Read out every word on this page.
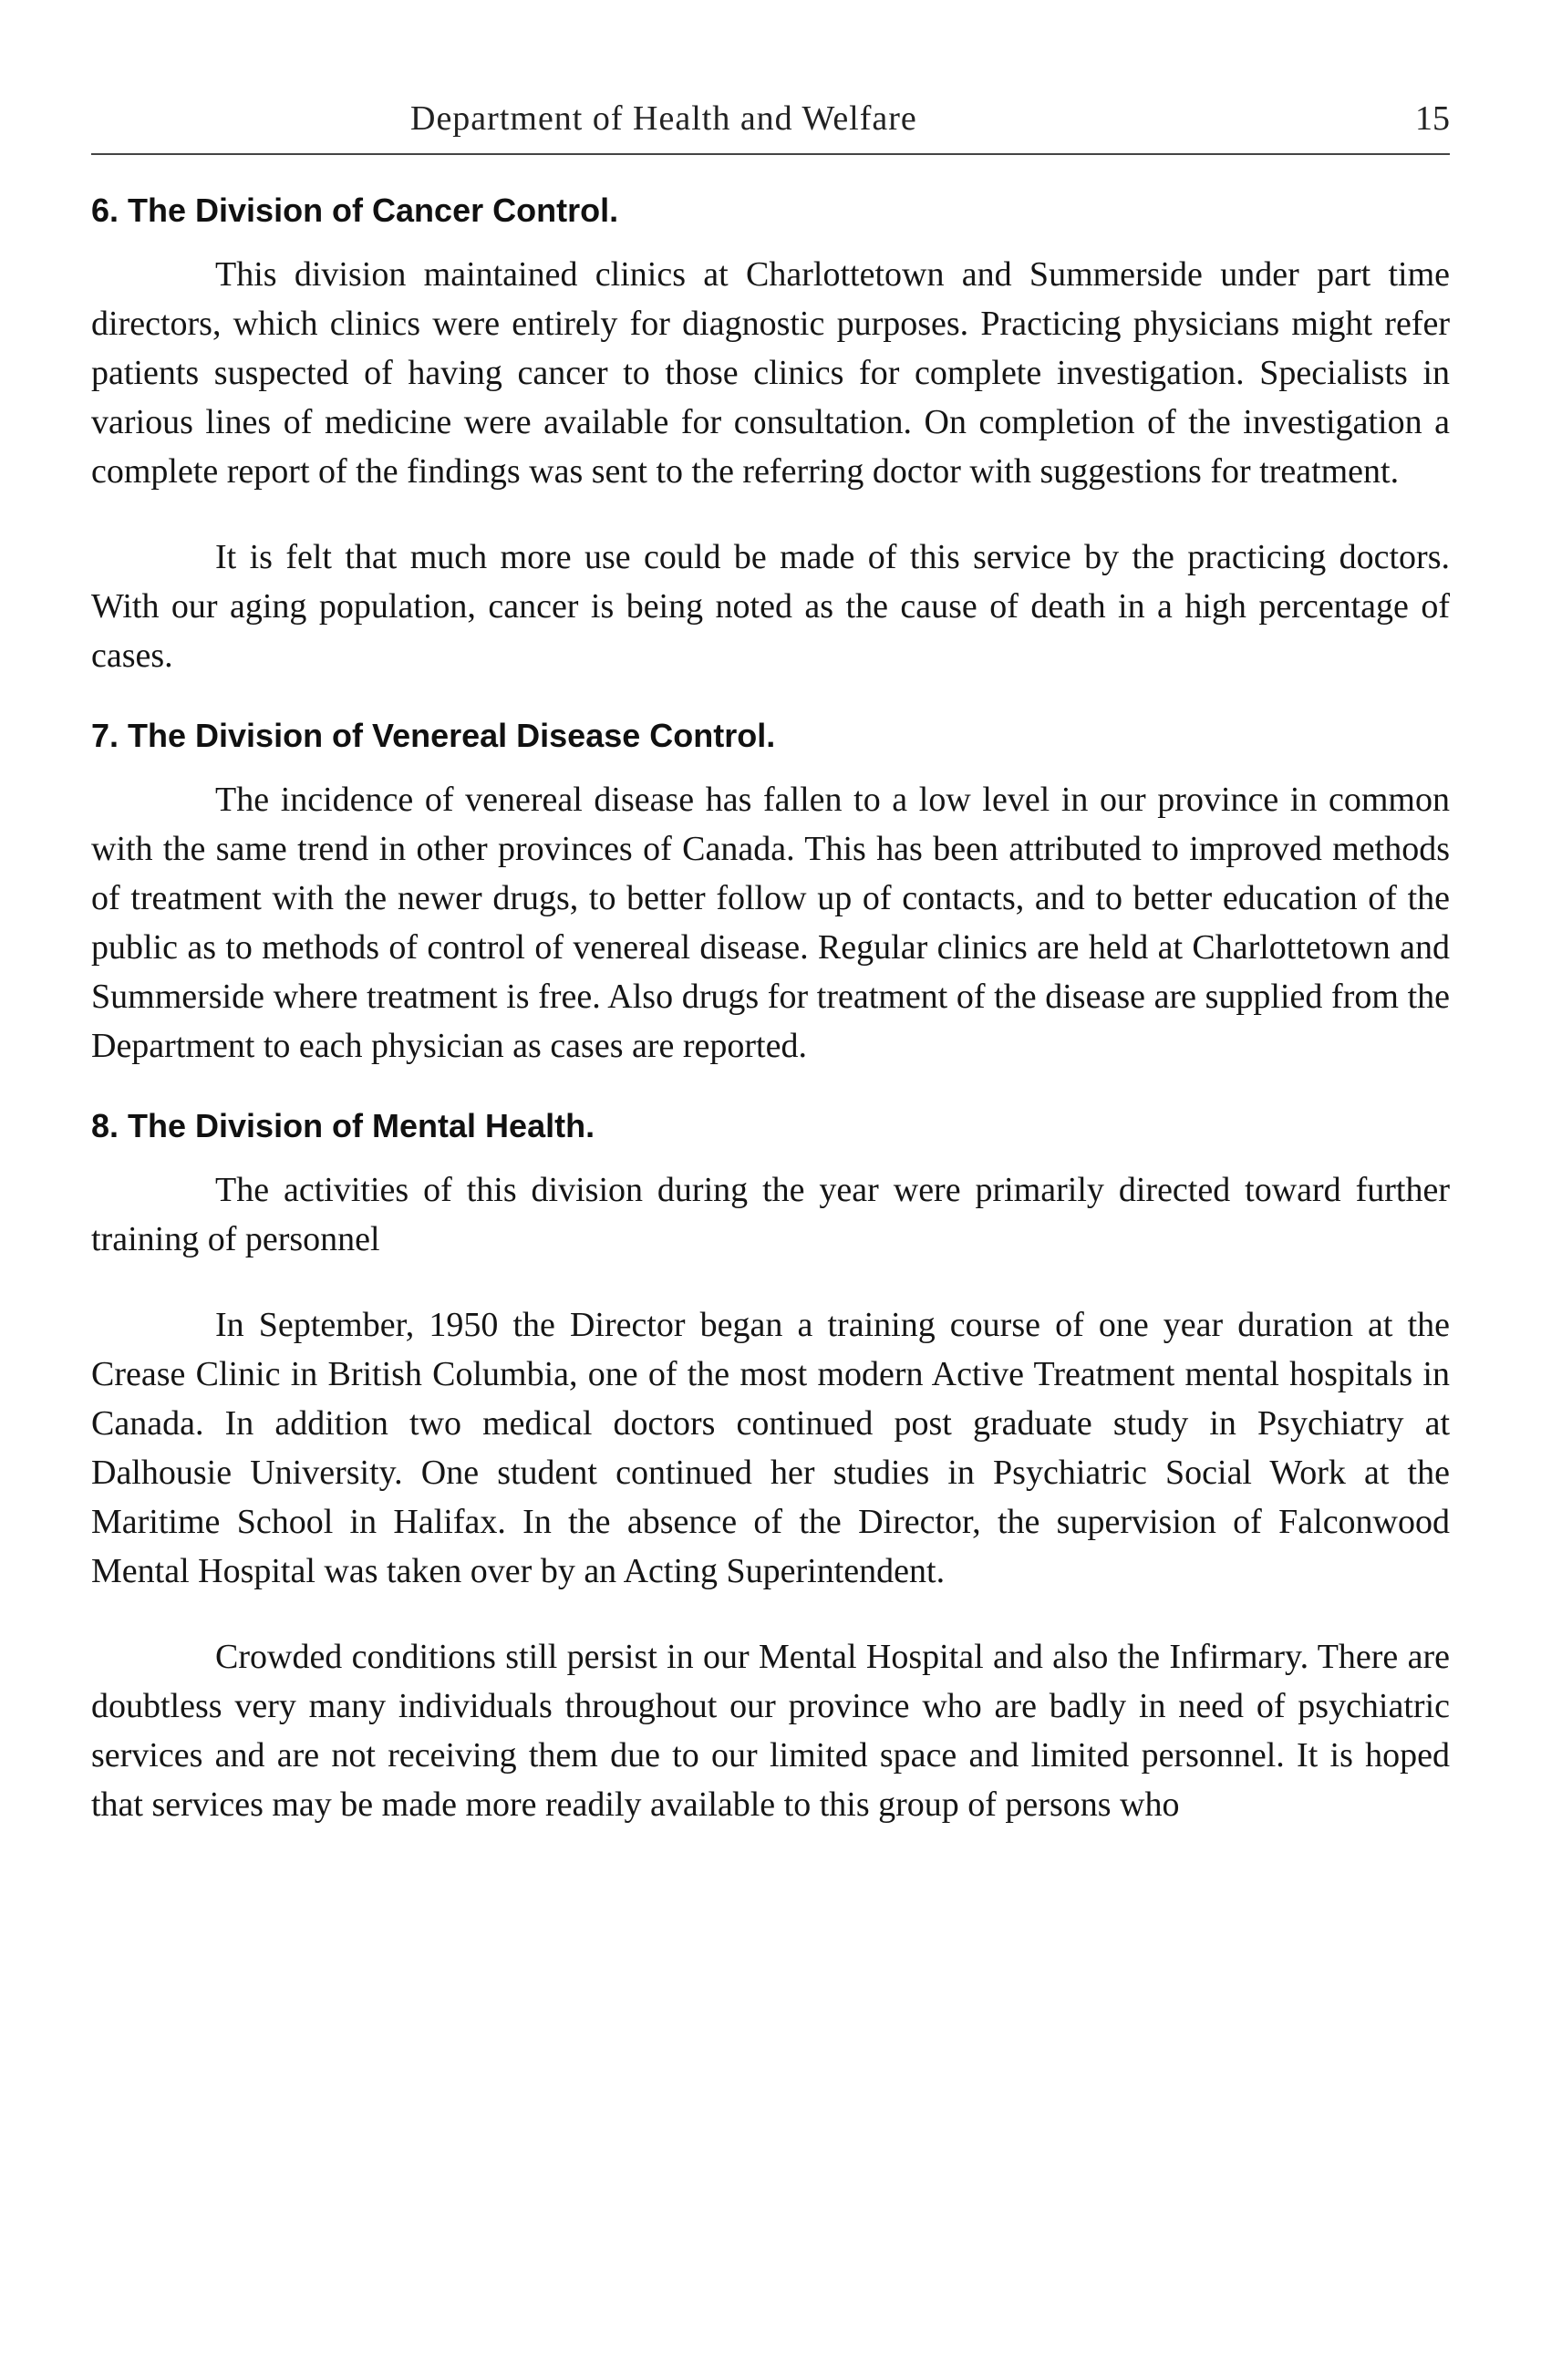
Department of Health and Welfare	15
6. The Division of Cancer Control.

This division maintained clinics at Charlottetown and Summerside under part time directors, which clinics were entirely for diagnostic purposes. Practicing physicians might refer patients suspected of having cancer to those clinics for complete investigation. Specialists in various lines of medicine were available for consultation. On completion of the investigation a complete report of the findings was sent to the referring doctor with suggestions for treatment.

It is felt that much more use could be made of this service by the practicing doctors. With our aging population, cancer is being noted as the cause of death in a high percentage of cases.

7. The Division of Venereal Disease Control.

The incidence of venereal disease has fallen to a low level in our province in common with the same trend in other provinces of Canada. This has been attributed to improved methods of treatment with the newer drugs, to better follow up of contacts, and to better education of the public as to methods of control of venereal disease. Regular clinics are held at Charlottetown and Summerside where treatment is free. Also drugs for treatment of the disease are supplied from the Department to each physician as cases are reported.

8. The Division of Mental Health.

The activities of this division during the year were primarily directed toward further training of personnel

In September, 1950 the Director began a training course of one year duration at the Crease Clinic in British Columbia, one of the most modern Active Treatment mental hospitals in Canada. In addition two medical doctors continued post graduate study in Psychiatry at Dalhousie University. One student continued her studies in Psychiatric Social Work at the Maritime School in Halifax. In the absence of the Director, the supervision of Falconwood Mental Hospital was taken over by an Acting Superintendent.

Crowded conditions still persist in our Mental Hospital and also the Infirmary. There are doubtless very many individuals throughout our province who are badly in need of psychiatric services and are not receiving them due to our limited space and limited personnel. It is hoped that services may be made more readily available to this group of persons who
